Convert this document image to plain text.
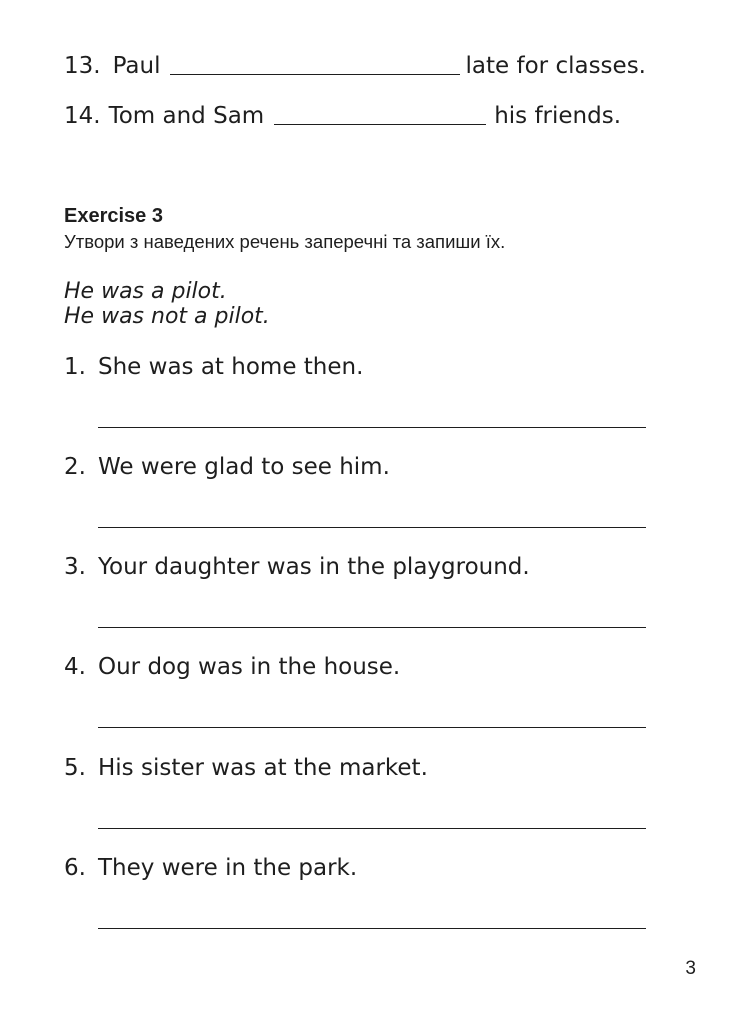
13. Paul	late for classes.
14. Tom and Sam	his friends.
Exercise 3

Утвори з наведених речень заперечні та запиши їх.

He was a pilot.

He was not a pilot.

1. She was at home then.
2. We were glad to see him.
3. Your daughter was in the playground.
4. Our dog was in the house.
5. His sister was at the market.
6. They were in the park.

3
